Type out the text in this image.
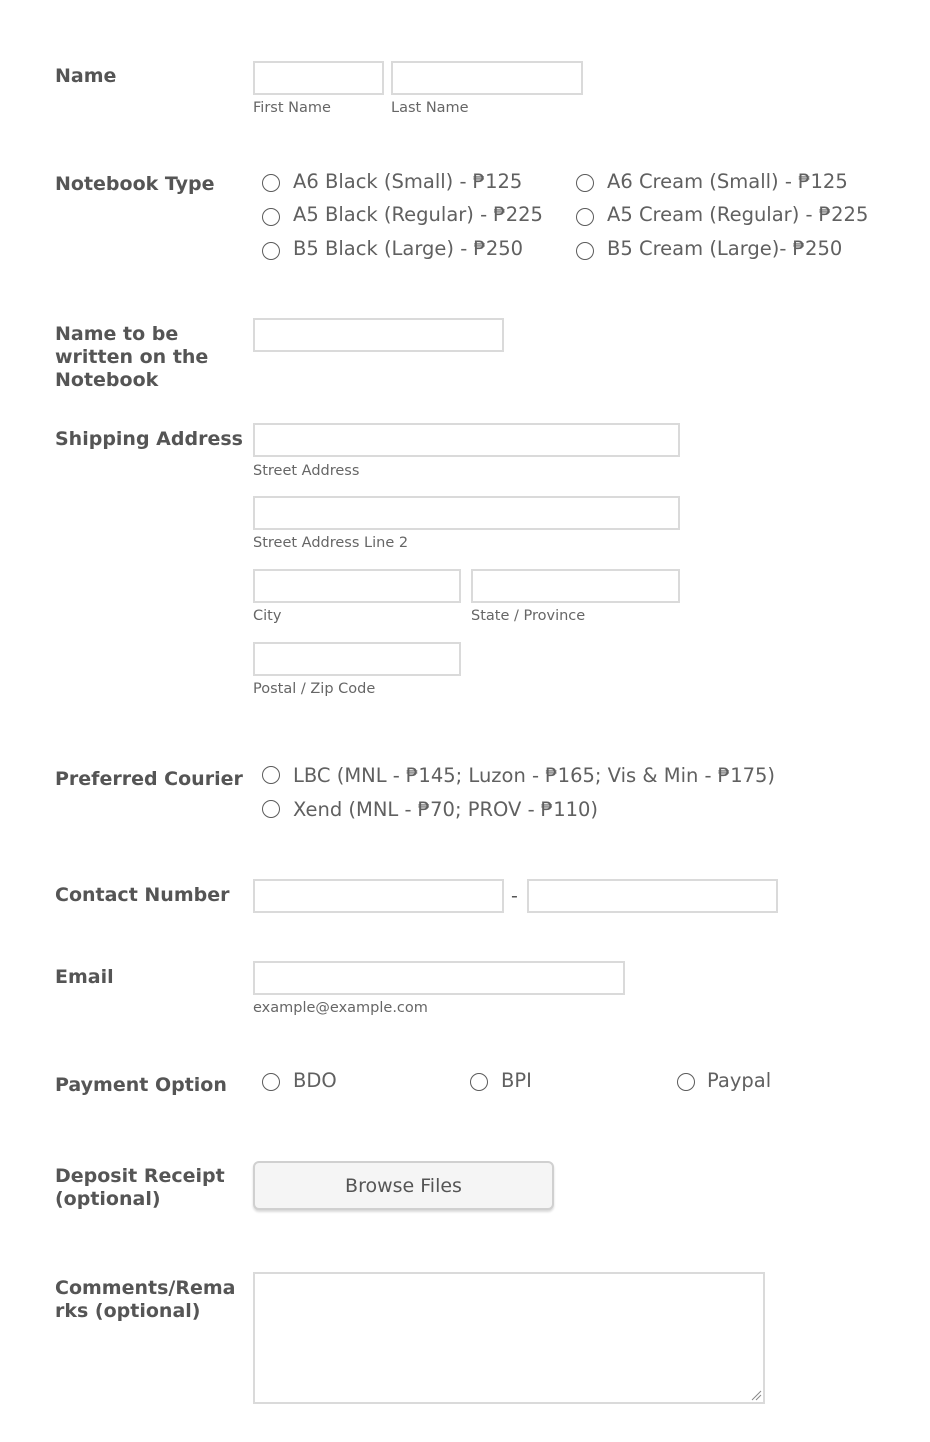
Name
First Name	Last Name
Notebook Type	A6 Black (Small) - ₱125	A6 Cream (Small) - ₱125
A5 Black (Regular) - ₱225	A5 Cream (Regular) - ₱225
B5 Black (Large) - ₱250	B5 Cream (Large)- ₱250
Name to be written on the Notebook
Shipping Address
Street Address
Street Address Line 2
City	State / Province
Postal / Zip Code
Preferred Courier	LBC (MNL - ₱145; Luzon - ₱165; Vis & Min - ₱175)
Xend (MNL - ₱70; PROV - ₱110)
Contact Number	-
Email
example@example.com
Payment Option	BDO	BPI	Paypal
Deposit Receipt (optional)
Browse Files
Comments/Remarks (optional)
